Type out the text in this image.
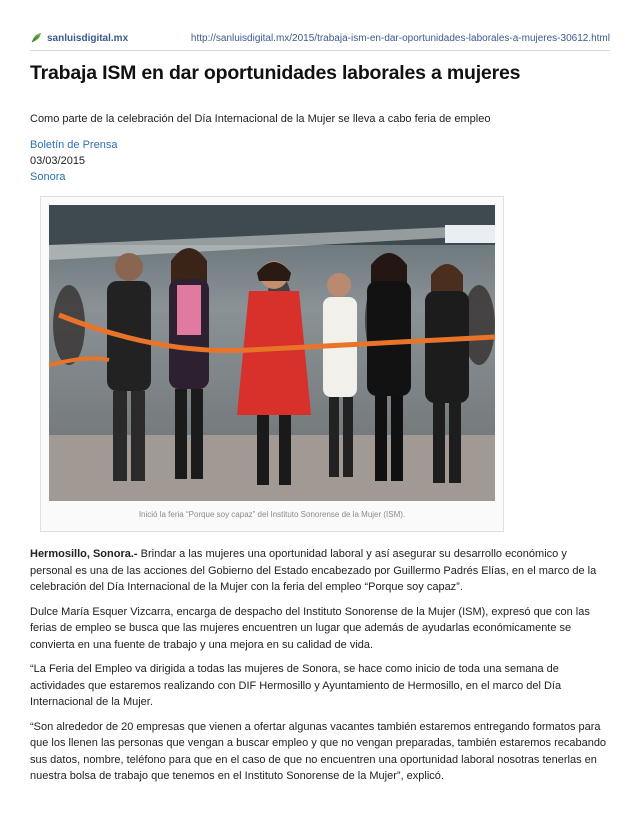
sanluisdigital.mx	http://sanluisdigital.mx/2015/trabaja-ism-en-dar-oportunidades-laborales-a-mujeres-30612.html
Trabaja ISM en dar oportunidades laborales a mujeres
Como parte de la celebración del Día Internacional de la Mujer se lleva a cabo feria de empleo
Boletín de Prensa
03/03/2015
Sonora
Inició la feria “Porque soy capaz” del Instituto Sonorense de la Mujer (ISM).

Hermosillo, Sonora.- Brindar a las mujeres una oportunidad laboral y así asegurar su desarrollo económico y personal es una de las acciones del Gobierno del Estado encabezado por Guillermo Padrés Elías, en el marco de la celebración del Día Internacional de la Mujer con la feria del empleo “Porque soy capaz”.

Dulce María Esquer Vizcarra, encarga de despacho del Instituto Sonorense de la Mujer (ISM), expresó que con las ferias de empleo se busca que las mujeres encuentren un lugar que además de ayudarlas económicamente se convierta en una fuente de trabajo y una mejora en su calidad de vida.

“La Feria del Empleo va dirigida a todas las mujeres de Sonora, se hace como inicio de toda una semana de actividades que estaremos realizando con DIF Hermosillo y Ayuntamiento de Hermosillo, en el marco del Día Internacional de la Mujer.

“Son alrededor de 20 empresas que vienen a ofertar algunas vacantes también estaremos entregando formatos para que los llenen las personas que vengan a buscar empleo y que no vengan preparadas, también estaremos recabando sus datos, nombre, teléfono para que en el caso de que no encuentren una oportunidad laboral nosotras tenerlas en nuestra bolsa de trabajo que tenemos en el Instituto Sonorense de la Mujer”, explicó.
